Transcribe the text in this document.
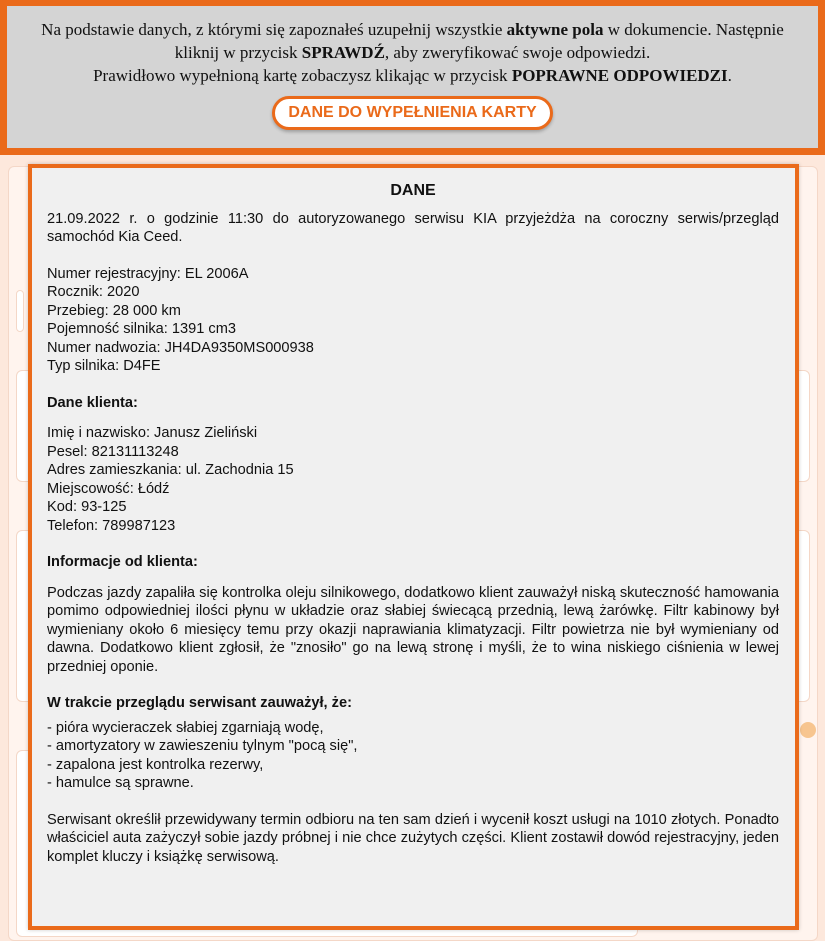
Na podstawie danych, z którymi się zapoznałeś uzupełnij wszystkie aktywne pola w dokumencie. Następnie
kliknij w przycisk SPRAWDŹ, aby zweryfikować swoje odpowiedzi.
Prawidłowo wypełnioną kartę zobaczysz klikając w przycisk POPRAWNE ODPOWIEDZI.
DANE DO WYPEŁNIENIA KARTY
DANE

21.09.2022 r. o godzinie 11:30 do autoryzowanego serwisu KIA przyjeżdża na coroczny serwis/przegląd samochód Kia Ceed.

Numer rejestracyjny: EL 2006A

Rocznik: 2020

Przebieg: 28 000 km

Pojemność silnika: 1391 cm3

Numer nadwozia: JH4DA9350MS000938

Typ silnika: D4FE

Dane klienta:

Imię i nazwisko: Janusz Zieliński

Pesel: 82131113248

Adres zamieszkania: ul. Zachodnia 15

Miejscowość: Łódź

Kod: 93-125

Telefon: 789987123

Informacje od klienta:

Podczas jazdy zapaliła się kontrolka oleju silnikowego, dodatkowo klient zauważył niską skuteczność hamowania pomimo odpowiedniej ilości płynu w układzie oraz słabiej świecącą przednią, lewą żarówkę. Filtr kabinowy był wymieniany około 6 miesięcy temu przy okazji naprawiania klimatyzacji. Filtr powietrza nie był wymieniany od dawna. Dodatkowo klient zgłosił, że "znosiło" go na lewą stronę i myśli, że to wina niskiego ciśnienia w lewej przedniej oponie.

W trakcie przeglądu serwisant zauważył, że:

- pióra wycieraczek słabiej zgarniają wodę,

- amortyzatory w zawieszeniu tylnym "pocą się",

- zapalona jest kontrolka rezerwy,

- hamulce są sprawne.

Serwisant określił przewidywany termin odbioru na ten sam dzień i wycenił koszt usługi na 1010 złotych. Ponadto właściciel auta zażyczył sobie jazdy próbnej i nie chce zużytych części. Klient zostawił dowód rejestracyjny, jeden komplet kluczy i książkę serwisową.
